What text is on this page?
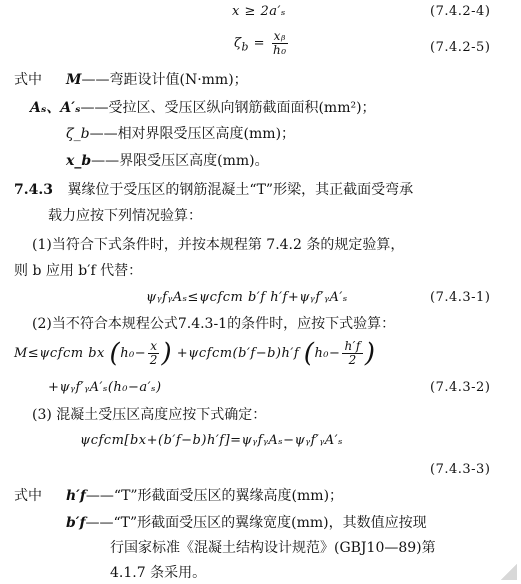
x ≥ 2a′ₛ	(7.4.2-4)
$\zeta_b = \frac{\text{xᵦ}}{\text{h₀}}$	(7.4.2-5)
式中 M——弯距设计值(N·mm)；
Aₛ、A′ₛ——受拉区、受压区纵向钢筋截面面积(mm²)；
ζ_b——相对界限受压区高度(mm)；
x_b——界限受压区高度(mm)。
7.4.3 翼缘位于受压区的钢筋混凝土“T”形梁，其正截面受弯承
载力应按下列情况验算：
(1)当符合下式条件时，并按本规程第 7.4.2 条的规定验算，
则 b 应用 b′f 代替：
ψᵧfᵧAₛ≤ψcfcm b′f h′f+ψᵧf′ᵧA′ₛ	(7.4.3-1)
(2)当不符合本规程公式7.4.3-1的条件时，应按下式验算：
M≤ψcfcm bx ($h_0- \frac{x}{2}$ ) +ψcfcm(b′f−b)h′f ($h_0- \frac{h'f}{2}$ )
+ψᵧf′ᵧA′ₛ(h₀−a′ₛ)	(7.4.3-2)
(3) 混凝土受压区高度应按下式确定：
ψcfcm[bx+(b′f−b)h′f]=ψᵧfᵧAₛ−ψᵧf′ᵧA′ₛ
(7.4.3-3)
式中 h′f——“T”形截面受压区的翼缘高度(mm)；
b′f——“T”形截面受压区的翼缘宽度(mm)，其数值应按现
行国家标准《混凝土结构设计规范》(GBJ10—89)第
4.1.7 条采用。
